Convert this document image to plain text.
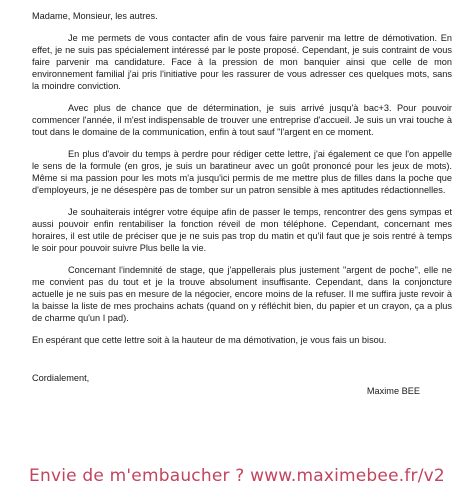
Madame, Monsieur, les autres.

Je me permets de vous contacter afin de vous faire parvenir ma lettre de démotivation. En effet, je ne suis pas spécialement intéressé par le poste proposé. Cependant, je suis contraint de vous faire parvenir ma candidature. Face à la pression de mon banquier ainsi que celle de mon environnement familial j'ai pris l'initiative pour les rassurer de vous adresser ces quelques mots, sans la moindre conviction.

Avec plus de chance que de détermination, je suis arrivé jusqu'à bac+3. Pour pouvoir commencer l'année, il m'est indispensable de trouver une entreprise d'accueil. Je suis un vrai touche à tout dans le domaine de la communication, enfin à tout sauf "l'argent en ce moment.

En plus d'avoir du temps à perdre pour rédiger cette lettre, j'ai également ce que l'on appelle le sens de la formule (en gros, je suis un baratineur avec un goût prononcé pour les jeux de mots). Même si ma passion pour les mots m'a jusqu'ici permis de me mettre plus de filles dans la poche que d'employeurs, je ne désespère pas de tomber sur un patron sensible à mes aptitudes rédactionnelles.

Je souhaiterais intégrer votre équipe afin de passer le temps, rencontrer des gens sympas et aussi pouvoir enfin rentabiliser la fonction réveil de mon téléphone. Cependant, concernant mes horaires, il est utile de préciser que je ne suis pas trop du matin et qu'il faut que je sois rentré à temps le soir pour pouvoir suivre Plus belle la vie.

Concernant l'indemnité de stage, que j'appellerais plus justement "argent de poche", elle ne me convient pas du tout et je la trouve absolument insuffisante. Cependant, dans la conjoncture actuelle je ne suis pas en mesure de la négocier, encore moins de la refuser. Il me suffira juste revoir à la baisse la liste de mes prochains achats (quand on y réfléchit bien, du papier et un crayon, ça a plus de charme qu'un I pad).

En espérant que cette lettre soit à la hauteur de ma démotivation, je vous fais un bisou.

Cordialement,

Maxime BEE

Envie de m'embaucher ? www.maximebee.fr/v2
